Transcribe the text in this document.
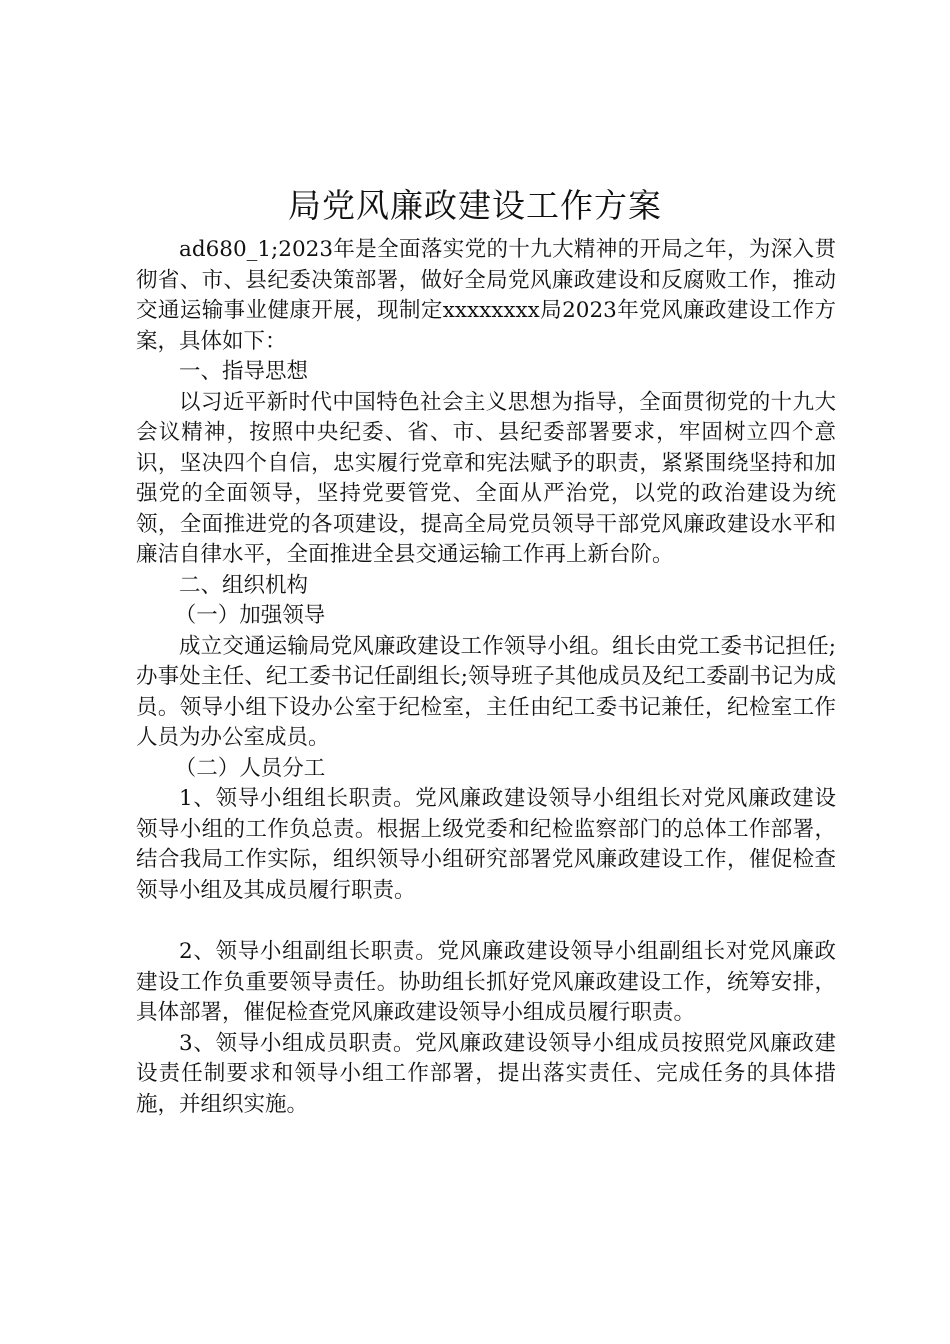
局党风廉政建设工作方案

ad680_1;2023年是全面落实党的十九大精神的开局之年，为深入贯彻省、市、县纪委决策部署，做好全局党风廉政建设和反腐败工作，推动交通运输事业健康开展，现制定xxxxxxxx局2023年党风廉政建设工作方案，具体如下：

一、指导思想

以习近平新时代中国特色社会主义思想为指导，全面贯彻党的十九大会议精神，按照中央纪委、省、市、县纪委部署要求，牢固树立四个意识，坚决四个自信，忠实履行党章和宪法赋予的职责，紧紧围绕坚持和加强党的全面领导，坚持党要管党、全面从严治党，以党的政治建设为统领，全面推进党的各项建设，提高全局党员领导干部党风廉政建设水平和廉洁自律水平，全面推进全县交通运输工作再上新台阶。

二、组织机构

（一）加强领导

成立交通运输局党风廉政建设工作领导小组。组长由党工委书记担任;办事处主任、纪工委书记任副组长;领导班子其他成员及纪工委副书记为成员。领导小组下设办公室于纪检室，主任由纪工委书记兼任，纪检室工作人员为办公室成员。

（二）人员分工

1、领导小组组长职责。党风廉政建设领导小组组长对党风廉政建设领导小组的工作负总责。根据上级党委和纪检监察部门的总体工作部署，结合我局工作实际，组织领导小组研究部署党风廉政建设工作，催促检查领导小组及其成员履行职责。

2、领导小组副组长职责。党风廉政建设领导小组副组长对党风廉政建设工作负重要领导责任。协助组长抓好党风廉政建设工作，统筹安排，具体部署，催促检查党风廉政建设领导小组成员履行职责。

3、领导小组成员职责。党风廉政建设领导小组成员按照党风廉政建设责任制要求和领导小组工作部署，提出落实责任、完成任务的具体措施，并组织实施。
